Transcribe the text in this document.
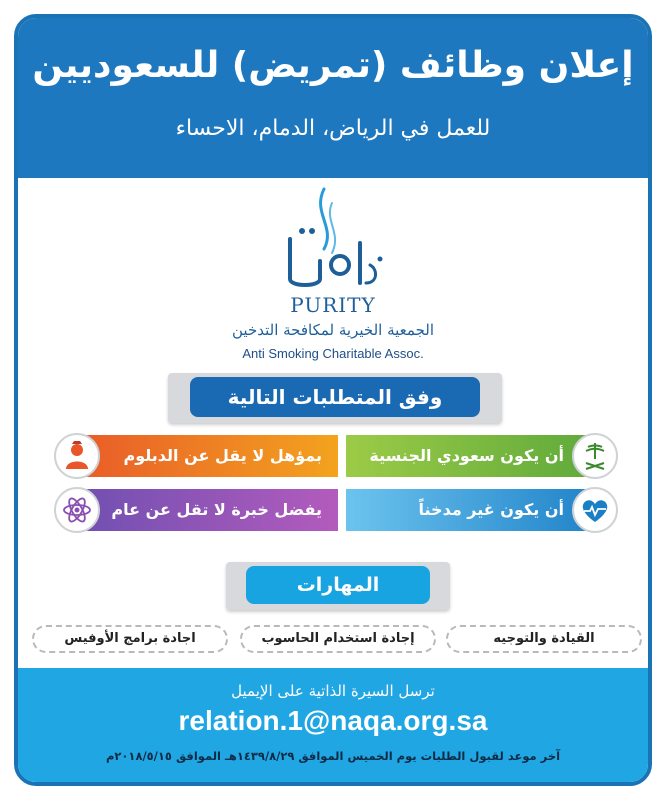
إعلان وظائف (تمريض) للسعوديين
للعمل في الرياض، الدمام، الاحساء
PURITY
الجمعية الخيرية لمكافحة التدخين
Anti Smoking Charitable Assoc.
وفق المتطلبات التالية
أن يكون سعودي الجنسية
بمؤهل لا يقل عن الدبلوم
أن يكون غير مدخناً
يفضل خبرة لا تقل عن عام
المهارات
القيادة والتوجيه
إجادة استخدام الحاسوب
اجادة برامج الأوفيس
ترسل السيرة الذاتية على الإيميل
relation.1@naqa.org.sa
آخر موعد لقبول الطلبات يوم الخميس الموافق ١٤٣٩/٨/٢٩هـ الموافق ٢٠١٨/٥/١٥م
